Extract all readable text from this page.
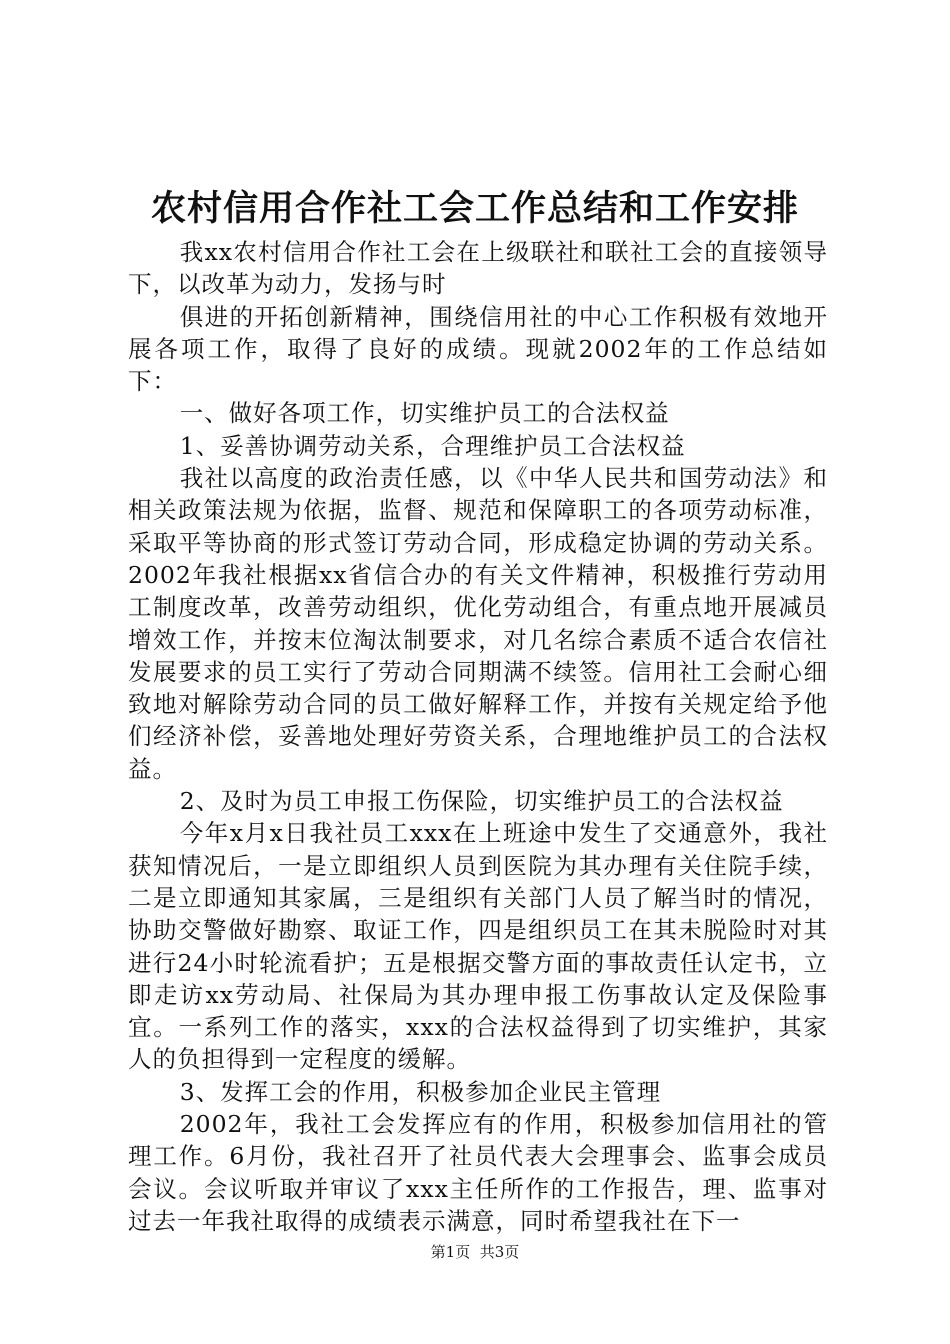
农村信用合作社工会工作总结和工作安排

我xx农村信用合作社工会在上级联社和联社工会的直接领导下，以改革为动力，发扬与时

俱进的开拓创新精神，围绕信用社的中心工作积极有效地开展各项工作，取得了良好的成绩。现就2002年的工作总结如下：

一、做好各项工作，切实维护员工的合法权益

1、妥善协调劳动关系，合理维护员工合法权益

我社以高度的政治责任感，以《中华人民共和国劳动法》和相关政策法规为依据，监督、规范和保障职工的各项劳动标准，采取平等协商的形式签订劳动合同，形成稳定协调的劳动关系。2002年我社根据xx省信合办的有关文件精神，积极推行劳动用工制度改革，改善劳动组织，优化劳动组合，有重点地开展减员增效工作，并按末位淘汰制要求，对几名综合素质不适合农信社发展要求的员工实行了劳动合同期满不续签。信用社工会耐心细致地对解除劳动合同的员工做好解释工作，并按有关规定给予他们经济补偿，妥善地处理好劳资关系，合理地维护员工的合法权益。

2、及时为员工申报工伤保险，切实维护员工的合法权益

今年x月x日我社员工xxx在上班途中发生了交通意外，我社获知情况后，一是立即组织人员到医院为其办理有关住院手续，二是立即通知其家属，三是组织有关部门人员了解当时的情况，协助交警做好勘察、取证工作，四是组织员工在其未脱险时对其进行24小时轮流看护；五是根据交警方面的事故责任认定书，立即走访xx劳动局、社保局为其办理申报工伤事故认定及保险事宜。一系列工作的落实，xxx的合法权益得到了切实维护，其家人的负担得到一定程度的缓解。

3、发挥工会的作用，积极参加企业民主管理

2002年，我社工会发挥应有的作用，积极参加信用社的管理工作。6月份，我社召开了社员代表大会理事会、监事会成员会议。会议听取并审议了xxx主任所作的工作报告，理、监事对过去一年我社取得的成绩表示满意，同时希望我社在下一

第1页 共3页
